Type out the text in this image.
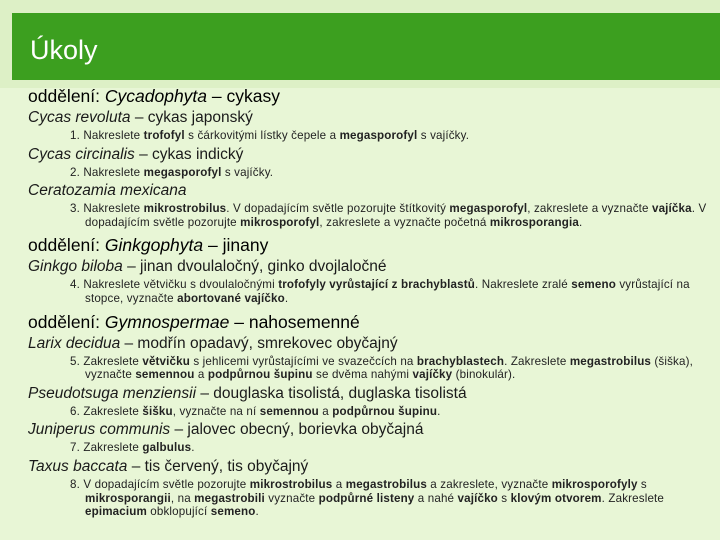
Úkoly
oddělení: Cycadophyta – cykasy
Cycas revoluta – cykas japonský
1. Nakreslete trofofyl s čárkovitými lístky čepele a megasporofyl s vajíčky.
Cycas circinalis – cykas indický
2. Nakreslete megasporofyl s vajíčky.
Ceratozamia mexicana
3. Nakreslete mikrostrobilus. V dopadajícím světle pozorujte štítkovitý megasporofyl, zakreslete a vyznačte vajíčka. V dopadajícím světle pozorujte mikrosporofyl, zakreslete a vyznačte početná mikrosporangia.
oddělení: Ginkgophyta – jinany
Ginkgo biloba – jinan dvoulaločný, ginko dvojlaločné
4. Nakreslete větvičku s dvoulaločnými trofofyly vyrůstající z brachyblastů. Nakreslete zralé semeno vyrůstající na stopce, vyznačte abortované vajíčko.
oddělení: Gymnospermae – nahosemenné
Larix decidua – modřín opadavý, smrekovec obyčajný
5. Zakreslete větvičku s jehlicemi vyrůstajícími ve svazečcích na brachyblastech. Zakreslete megastrobilus (šiška), vyznačte semennou a podpůrnou šupinu se dvěma nahými vajíčky (binokulár).
Pseudotsuga menziensii – douglaska tisolistá, duglaska tisolistá
6. Zakreslete šišku, vyznačte na ní semennou a podpůrnou šupinu.
Juniperus communis – jalovec obecný, borievka obyčajná
7. Zakreslete galbulus.
Taxus baccata – tis červený, tis obyčajný
8. V dopadajícím světle pozorujte mikrostrobilus a megastrobilus a zakreslete, vyznačte mikrosporofyly s mikrosporangii, na megastrobili vyznačte podpůrné listeny a nahé vajíčko s klovým otvorem. Zakreslete epimacium obklopující semeno.
